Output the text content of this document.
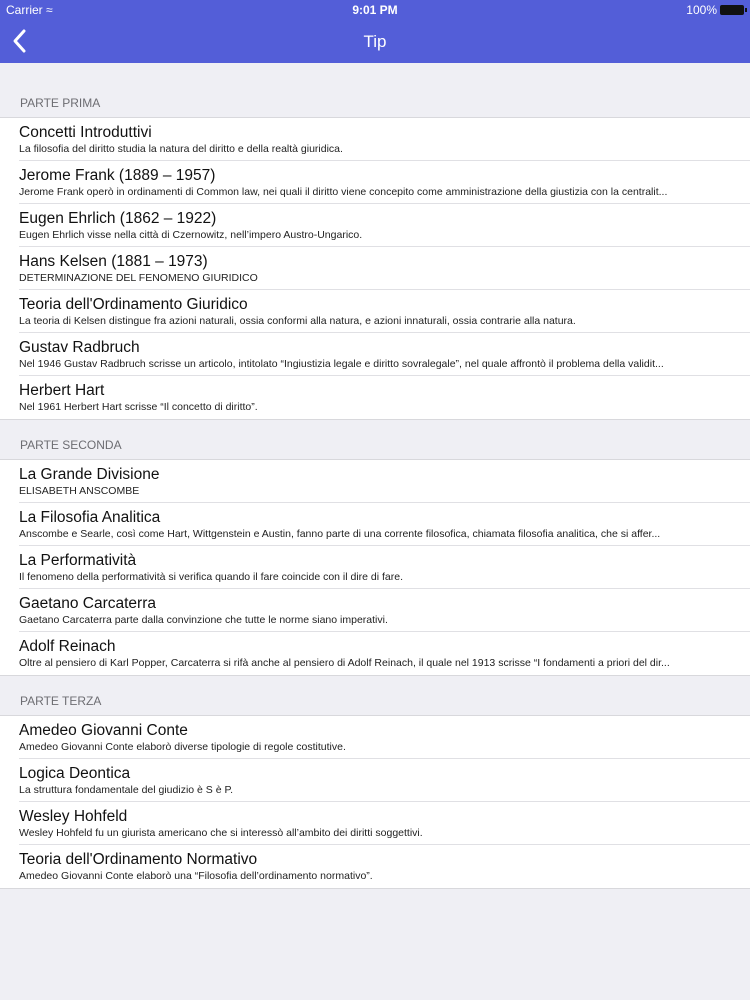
Carrier ≈	9:01 PM	100%
Tip
PARTE PRIMA
Concetti Introduttivi
La filosofia del diritto studia la natura del diritto e della realtà giuridica.
Jerome Frank (1889 – 1957)
Jerome Frank operò in ordinamenti di Common law, nei quali il diritto viene concepito come amministrazione della giustizia con la centralit...
Eugen Ehrlich (1862 – 1922)
Eugen Ehrlich visse nella città di Czernowitz, nell’impero Austro-Ungarico.
Hans Kelsen (1881 – 1973)
DETERMINAZIONE DEL FENOMENO GIURIDICO
Teoria dell'Ordinamento Giuridico
La teoria di Kelsen distingue fra azioni naturali, ossia conformi alla natura, e azioni innaturali, ossia contrarie alla natura.
Gustav Radbruch
Nel 1946 Gustav Radbruch scrisse un articolo, intitolato “Ingiustizia legale e diritto sovralegale”, nel quale affrontò il problema della validit...
Herbert Hart
Nel 1961 Herbert Hart scrisse “Il concetto di diritto”.
PARTE SECONDA
La Grande Divisione
ELISABETH ANSCOMBE
La Filosofia Analitica
Anscombe e Searle, così come Hart, Wittgenstein e Austin, fanno parte di una corrente filosofica, chiamata filosofia analitica, che si affer...
La Performatività
Il fenomeno della performatività si verifica quando il fare coincide con il dire di fare.
Gaetano Carcaterra
Gaetano Carcaterra parte dalla convinzione che tutte le norme siano imperativi.
Adolf Reinach
Oltre al pensiero di Karl Popper, Carcaterra si rifà anche al pensiero di Adolf Reinach, il quale nel 1913 scrisse “I fondamenti a priori del dir...
PARTE TERZA
Amedeo Giovanni Conte
Amedeo Giovanni Conte elaborò diverse tipologie di regole costitutive.
Logica Deontica
La struttura fondamentale del giudizio è S è P.
Wesley Hohfeld
Wesley Hohfeld fu un giurista americano che si interessò all’ambito dei diritti soggettivi.
Teoria dell'Ordinamento Normativo
Amedeo Giovanni Conte elaborò una “Filosofia dell’ordinamento normativo”.
